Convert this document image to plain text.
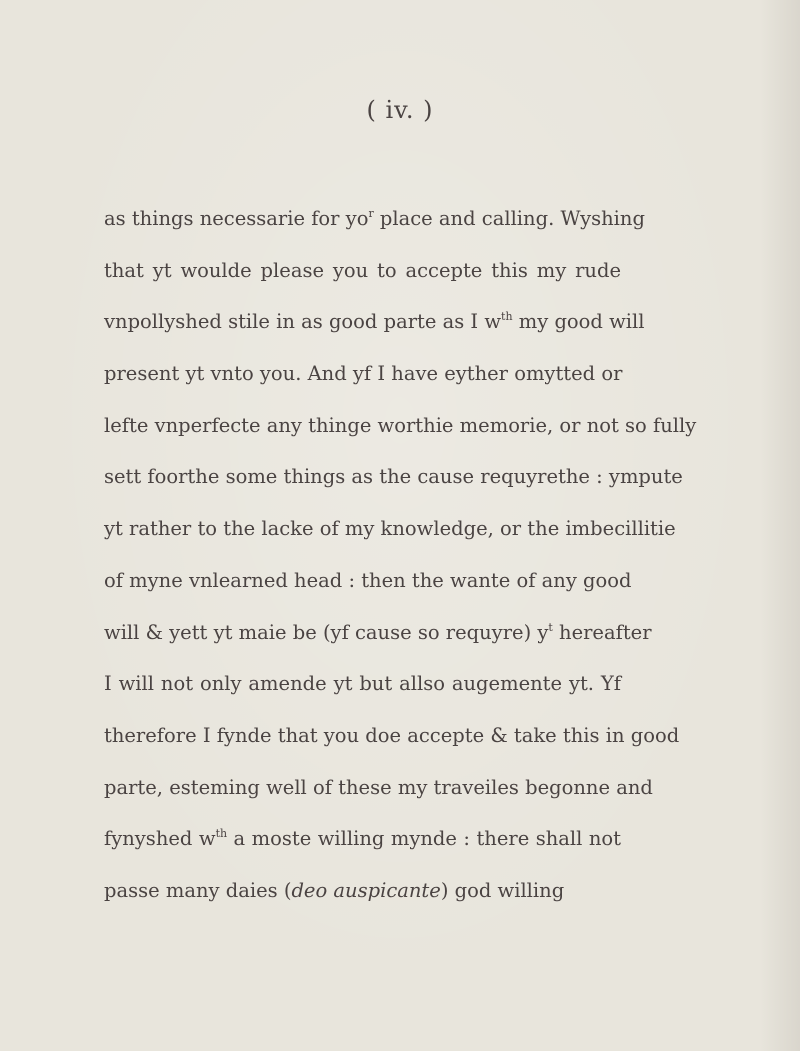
( iv. )
as things necessarie for $yo^r$ place and calling. Wyshing
that yt woulde please you to accepte this my rude
vnpollyshed stile in as good parte as I $w^{th}$ my good will
present yt vnto you. And yf I have eyther omytted or
lefte vnperfecte any thinge worthie memorie, or not so fully
sett foorthe some things as the cause requyrethe : ympute
yt rather to the lacke of my knowledge, or the imbecillitie
of myne vnlearned head : then the wante of any good
will & yett yt maie be (yf cause so requyre) $y^t$ hereafter
I will not only amende yt but allso augemente yt. Yf
therefore I fynde that you doe accepte & take this in good
parte, esteming well of these my traveiles begonne and
fynyshed $w^{th}$ a moste willing mynde : there shall not
passe many daies (deo auspicante) god willing
